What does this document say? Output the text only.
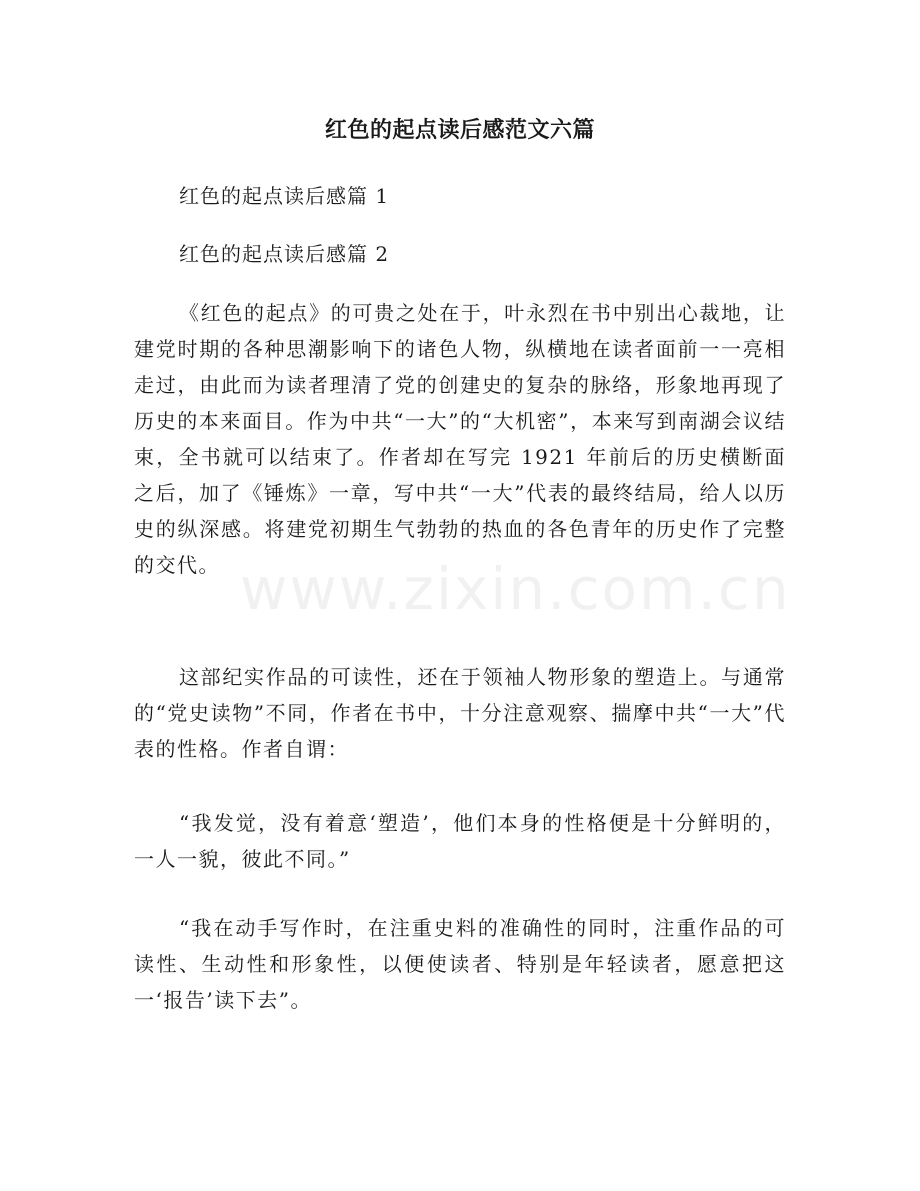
红色的起点读后感范文六篇
红色的起点读后感篇 1
红色的起点读后感篇 2

《红色的起点》的可贵之处在于，叶永烈在书中别出心裁地，让建党时期的各种思潮影响下的诸色人物，纵横地在读者面前一一亮相走过，由此而为读者理清了党的创建史的复杂的脉络，形象地再现了历史的本来面目。作为中共“一大”的“大机密”，本来写到南湖会议结束，全书就可以结束了。作者却在写完 1921 年前后的历史横断面之后，加了《锤炼》一章，写中共“一大”代表的最终结局，给人以历史的纵深感。将建党初期生气勃勃的热血的各色青年的历史作了完整的交代。

这部纪实作品的可读性，还在于领袖人物形象的塑造上。与通常的“党史读物”不同，作者在书中，十分注意观察、揣摩中共“一大”代表的性格。作者自谓：

“我发觉，没有着意‘塑造’，他们本身的性格便是十分鲜明的，一人一貌，彼此不同。”

“我在动手写作时，在注重史料的准确性的同时，注重作品的可读性、生动性和形象性，以便使读者、特别是年轻读者，愿意把这一‘报告’读下去”。

www.zixin.com.cn
